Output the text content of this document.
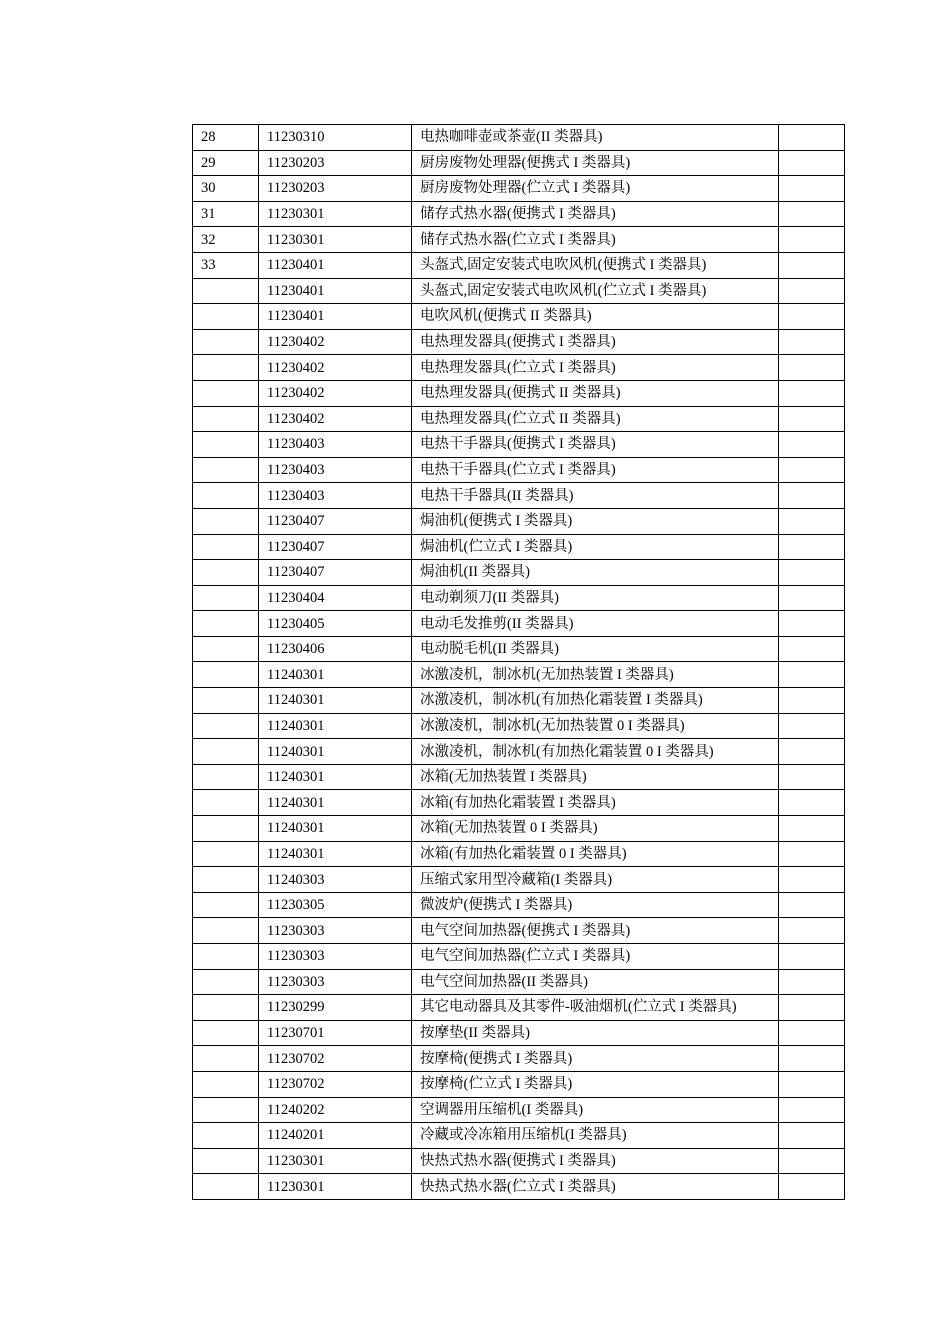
28	11230310	电热咖啡壶或茶壶(II 类器具)	
29	11230203	厨房废物处理器(便携式 I 类器具)	
30	11230203	厨房废物处理器(伫立式 I 类器具)	
31	11230301	储存式热水器(便携式 I 类器具)	
32	11230301	储存式热水器(伫立式 I 类器具)	
33	11230401	头盔式,固定安装式电吹风机(便携式 I 类器具)	
	11230401	头盔式,固定安装式电吹风机(伫立式 I 类器具)	
	11230401	电吹风机(便携式 II 类器具)	
	11230402	电热理发器具(便携式 I 类器具)	
	11230402	电热理发器具(伫立式 I 类器具)	
	11230402	电热理发器具(便携式 II 类器具)	
	11230402	电热理发器具(伫立式 II 类器具)	
	11230403	电热干手器具(便携式 I 类器具)	
	11230403	电热干手器具(伫立式 I 类器具)	
	11230403	电热干手器具(II 类器具)	
	11230407	焗油机(便携式 I 类器具)	
	11230407	焗油机(伫立式 I 类器具)	
	11230407	焗油机(II 类器具)	
	11230404	电动剃须刀(II 类器具)	
	11230405	电动毛发推剪(II 类器具)	
	11230406	电动脱毛机(II 类器具)	
	11240301	冰激凌机，制冰机(无加热装置 I 类器具)	
	11240301	冰激凌机，制冰机(有加热化霜装置 I 类器具)	
	11240301	冰激凌机，制冰机(无加热装置 0 I 类器具)	
	11240301	冰激凌机，制冰机(有加热化霜装置 0 I 类器具)	
	11240301	冰箱(无加热装置 I 类器具)	
	11240301	冰箱(有加热化霜装置 I 类器具)	
	11240301	冰箱(无加热装置 0 I 类器具)	
	11240301	冰箱(有加热化霜装置 0 I 类器具)	
	11240303	压缩式家用型冷藏箱(I 类器具)	
	11230305	微波炉(便携式 I 类器具)	
	11230303	电气空间加热器(便携式 I 类器具)	
	11230303	电气空间加热器(伫立式 I 类器具)	
	11230303	电气空间加热器(II 类器具)	
	11230299	其它电动器具及其零件-吸油烟机(伫立式 I 类器具)	
	11230701	按摩垫(II 类器具)	
	11230702	按摩椅(便携式 I 类器具)	
	11230702	按摩椅(伫立式 I 类器具)	
	11240202	空调器用压缩机(I 类器具)	
	11240201	冷藏或冷冻箱用压缩机(I 类器具)	
	11230301	快热式热水器(便携式 I 类器具)	
	11230301	快热式热水器(伫立式 I 类器具)	
